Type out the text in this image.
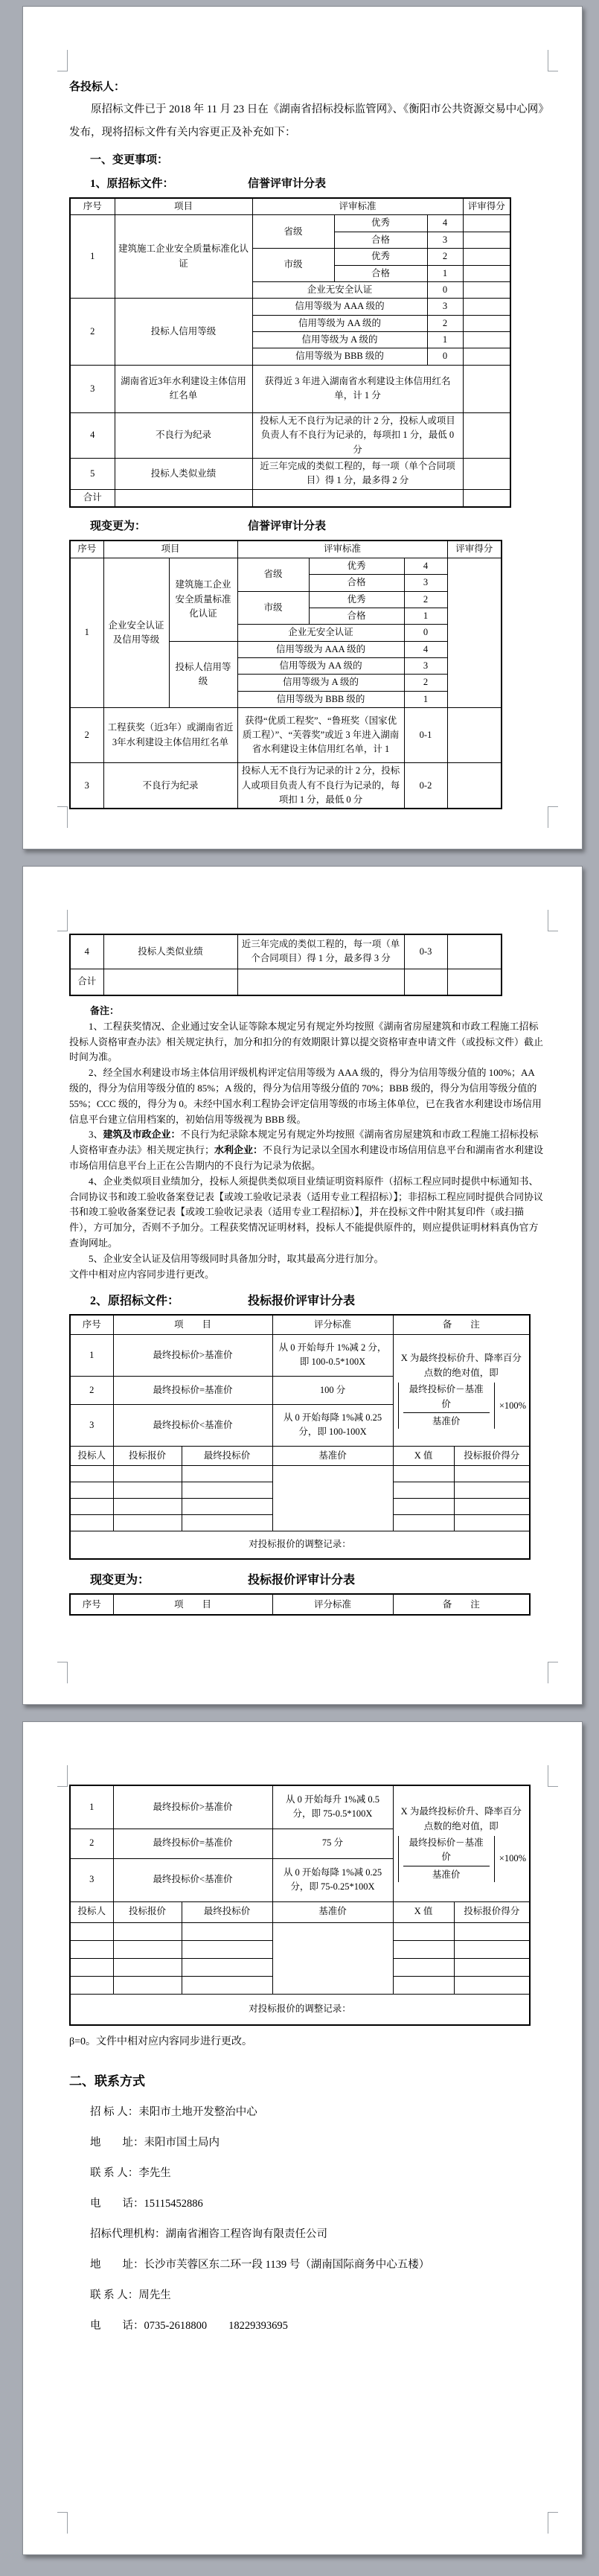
各投标人：

原招标文件已于 2018 年 11 月 23 日在《湖南省招标投标监管网》、《衡阳市公共资源交易中心网》发布，现将招标文件有关内容更正及补充如下：

一、变更事项：
1、原招标文件：	信誉评审计分表
序号	项目	评审标准			评审得分
1	建筑施工企业安全质量标准化认证	省级	优秀	4	
			合格	3	
		市级	优秀	2	
			合格	1	
		企业无安全认证		0	
2	投标人信用等级	信用等级为 AAA 级的		3	
		信用等级为 AA 级的		2	
		信用等级为 A 级的		1	
		信用等级为 BBB 级的		0	
3	湖南省近3年水利建设主体信用红名单	获得近 3 年进入湖南省水利建设主体信用红名单，计 1 分			
4	不良行为纪录	投标人无不良行为记录的计 2 分，投标人或项目负责人有不良行为记录的，每项扣 1 分，最低 0 分			
5	投标人类似业绩	近三年完成的类似工程的，每一项（单个合同项目）得 1 分，最多得 2 分			
合计					
现变更为：	信誉评审计分表
序号	项目		评审标准			评审得分
1	企业安全认证及信用等级	建筑施工企业安全质量标准化认证	省级	优秀	4	
				合格	3	
			市级	优秀	2	
				合格	1	
			企业无安全认证		0	
		投标人信用等级	信用等级为 AAA 级的		4	
			信用等级为 AA 级的		3	
			信用等级为 A 级的		2	
			信用等级为 BBB 级的		1	
2	工程获奖（近3年）或湖南省近3年水利建设主体信用红名单		获得“优质工程奖”、“鲁班奖（国家优质工程）”、“芙蓉奖”或近 3 年进入湖南省水利建设主体信用红名单，计 1		0-1	
3	不良行为纪录		投标人无不良行为记录的计 2 分，投标人或项目负责人有不良行为记录的，每项扣 1 分，最低 0 分		0-2	
4	投标人类似业绩	近三年完成的类似工程的，每一项（单个合同项目）得 1 分，最多得 3 分	0-3	
合计				
备注：

1、工程获奖情况、企业通过安全认证等除本规定另有规定外均按照《湖南省房屋建筑和市政工程施工招标投标人资格审查办法》相关规定执行，加分和扣分的有效期限计算以提交资格审查申请文件（或投标文件）截止时间为准。

2、经全国水利建设市场主体信用评级机构评定信用等级为 AAA 级的，得分为信用等级分值的 100%；AA 级的，得分为信用等级分值的 85%；A 级的，得分为信用等级分值的 70%；BBB 级的，得分为信用等级分值的 55%；CCC 级的，得分为 0。未经中国水利工程协会评定信用等级的市场主体单位，已在我省水利建设市场信用信息平台建立信用档案的，初始信用等级视为 BBB 级。

3、建筑及市政企业：不良行为纪录除本规定另有规定外均按照《湖南省房屋建筑和市政工程施工招标投标人资格审查办法》相关规定执行；水利企业：不良行为记录以全国水利建设市场信用信息平台和湖南省水利建设市场信用信息平台上正在公告期内的不良行为记录为依据。

4、企业类似项目业绩加分，投标人须提供类似项目业绩证明资料原件（招标工程应同时提供中标通知书、合同协议书和竣工验收备案登记表【或竣工验收记录表（适用专业工程招标）】；非招标工程应同时提供合同协议书和竣工验收备案登记表【或竣工验收记录表（适用专业工程招标）】，并在投标文件中附其复印件（或扫描件），方可加分，否则不予加分。工程获奖情况证明材料，投标人不能提供原件的，则应提供证明材料真伪官方查询网址。

5、企业安全认证及信用等级同时具备加分时，取其最高分进行加分。

文件中相对应内容同步进行更改。

2、原招标文件：	投标报价评审计分表
序号	项　　目		评分标准	备　　注	
1	最终投标价>基准价		从 0 开始每升 1%减 2 分，即 100-0.5*100X	X 为最终投标价升、降率百分点数的绝对值，即
$\frac{\text{最终投标价－基准价}}{\text{基准价}} \times 100\%$	

2	最终投标价=基准价		100 分		
3	最终投标价<基准价		从 0 开始每降 1%减 0.25 分，即 100-100X		
投标人	投标报价	最终投标价	基准价	X 值	投标报价得分

对投标报价的调整记录：					
现变更为：	投标报价评审计分表
序号	项　　目	评分标准	备　　注
1	最终投标价>基准价		从 0 开始每升 1%减 0.5 分，即 75-0.5*100X	X 为最终投标价升、降率百分点数的绝对值，即
$\frac{\text{最终投标价－基准价}}{\text{基准价}} \times 100\%$	

2	最终投标价=基准价		75 分		
3	最终投标价<基准价		从 0 开始每降 1%减 0.25 分，即 75-0.25*100X		
投标人	投标报价	最终投标价	基准价	X 值	投标报价得分

对投标报价的调整记录：					

β=0。文件中相对应内容同步进行更改。

二、联系方式
招 标 人：耒阳市土地开发整治中心
地　　址：耒阳市国土局内
联 系 人：李先生
电　　话：15115452886
招标代理机构：湖南省湘咨工程咨询有限责任公司
地　　址：长沙市芙蓉区东二环一段 1139 号（湖南国际商务中心五楼）
联 系 人：周先生
电　　话：0735-2618800　　18229393695
